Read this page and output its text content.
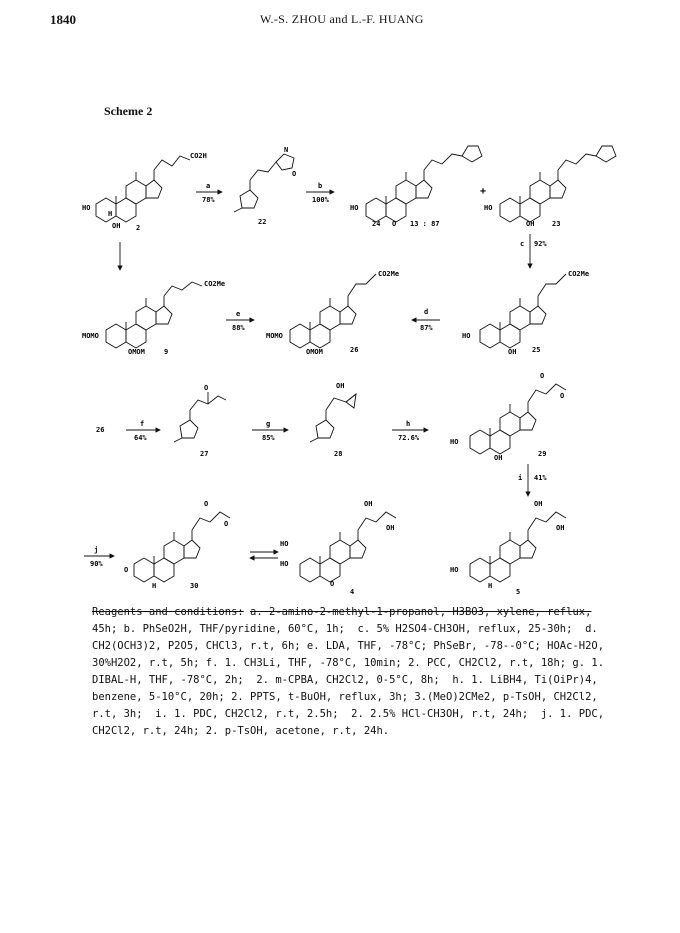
1840	W.-S. ZHOU and L.-F. HUANG
Scheme 2
CO2H
HO
OH
H
2
a
78%
N
O
22
b
100%
HO
O
24	13 : 87
+
HO
OH	23
c 92%
CO2Me
MOMO
OMOM	9
e
88%
CO2Me
MOMO
OMOM	26
d
87%
CO2Me
HO
OH 25
26
f
64%
O
27
g
85%
OH
28
h
72.6%
O
O
HO
OH	29
i 41%
j
90%
O
O
O
H	30
OH
OH
HO
HO
O
4
OH
OH
HO
H
5
Reagents and conditions: a. 2-amino-2-methyl-1-propanol, H3BO3, xylene, reflux,
45h; b. PhSeO2H, THF/pyridine, 60°C, 1h;  c. 5% H2SO4-CH3OH, reflux, 25-30h;  d.
CH2(OCH3)2, P2O5, CHCl3, r.t, 6h; e. LDA, THF, -78°C; PhSeBr, -78--0°C; HOAc-H2O,
30%H2O2, r.t, 5h; f. 1. CH3Li, THF, -78°C, 10min; 2. PCC, CH2Cl2, r.t, 18h; g. 1.
DIBAL-H, THF, -78°C, 2h;  2. m-CPBA, CH2Cl2, 0-5°C, 8h;  h. 1. LiBH4, Ti(OiPr)4,
benzene, 5-10°C, 20h; 2. PPTS, t-BuOH, reflux, 3h; 3.(MeO)2CMe2, p-TsOH, CH2Cl2,
r.t, 3h;  i. 1. PDC, CH2Cl2, r.t, 2.5h;  2. 2.5% HCl-CH3OH, r.t, 24h;  j. 1. PDC,
CH2Cl2, r.t, 24h; 2. p-TsOH, acetone, r.t, 24h.
